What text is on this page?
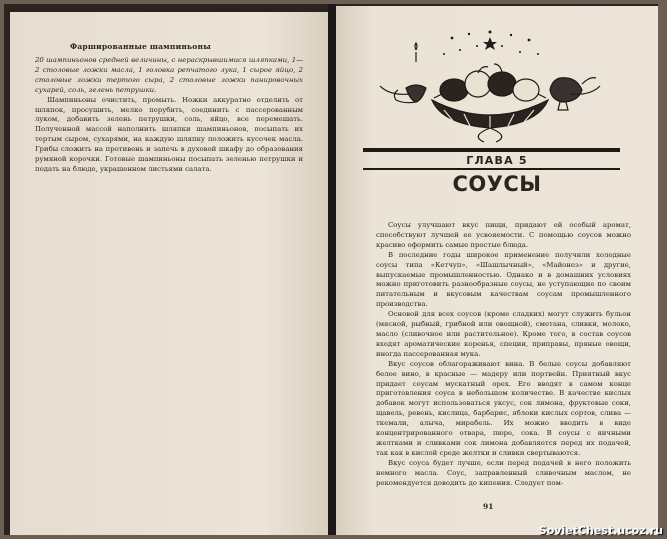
Фаршированные шампиньоны

20 шампиньонов средней величины, с нераскрывшимися шляпками, 1—2 столовые ложки масла, 1 головка репчатого лука, 1 сырое яйцо, 2 столовые ложки тертого сыра, 2 столовые ложки панировочных сухарей, соль, зелень петрушки.

Шампиньоны очистить, промыть. Ножки аккуратно отделить от шляпок, просушить, мелко порубить, соединить с пассерованным луком, добавить зелень петрушки, соль, яйцо, все перемешать. Полученной массой наполнить шляпки шампиньонов, посыпать их тертым сыром, сухарями, на каждую шляпку положить кусочек масла. Грибы сложить на противень и запечь в духовой шкафу до образования румяной корочки. Готовые шампиньоны посыпать зеленью петрушки и подать на блюде, украшенном листьями салата.

ГЛАВА 5
СОУСЫ

Соусы улучшают вкус пищи, придают ей особый аромат, способствуют лучшей ее усвояемости. С помощью соусов можно красиво оформить самые простые блюда.

В последние годы широкое применение получили холодные соусы типа «Кетчуп», «Шашлычный», «Майонез» и другие, выпускаемые промышленностью. Однако и в домашних условиях можно приготовить разнообразные соусы, не уступающие по своим питательным и вкусовым качествам соусам промышленного производства.

Основой для всех соусов (кроме сладких) могут служить бульон (мясной, рыбный, грибной или овощной), сметана, сливки, молоко, масло (сливочное или растительное). Кроме того, в состав соусов входят ароматические коренья, специи, приправы, пряные овощи, иногда пассерованная мука.

Вкус соусов облагораживают вина. В белые соусы добавляют белое вино, в красные — мадеру или портвейн. Приятный вкус придает соусам мускатный орех. Его вводят в самом конце приготовления соуса в небольшом количестве. В качестве кислых добавок могут использоваться уксус, сок лимона, фруктовые соки, щавель, ревень, кислица, барбарис, яблоки кислых сортов, слива — ткемали, алыча, мирабель. Их можно вводить в виде концентрированного отвара, пюре, сока. В соусы с яичными желтками и сливками сок лимона добавляется перед их подачей, так как в кислой среде желтки и сливки свертываются.

Вкус соуса будет лучше, если перед подачей в него положить немного масла. Соус, заправленный сливочным маслом, не рекомендуется доводить до кипения. Следует пом-

91
SovietChest.ucoz.ru
